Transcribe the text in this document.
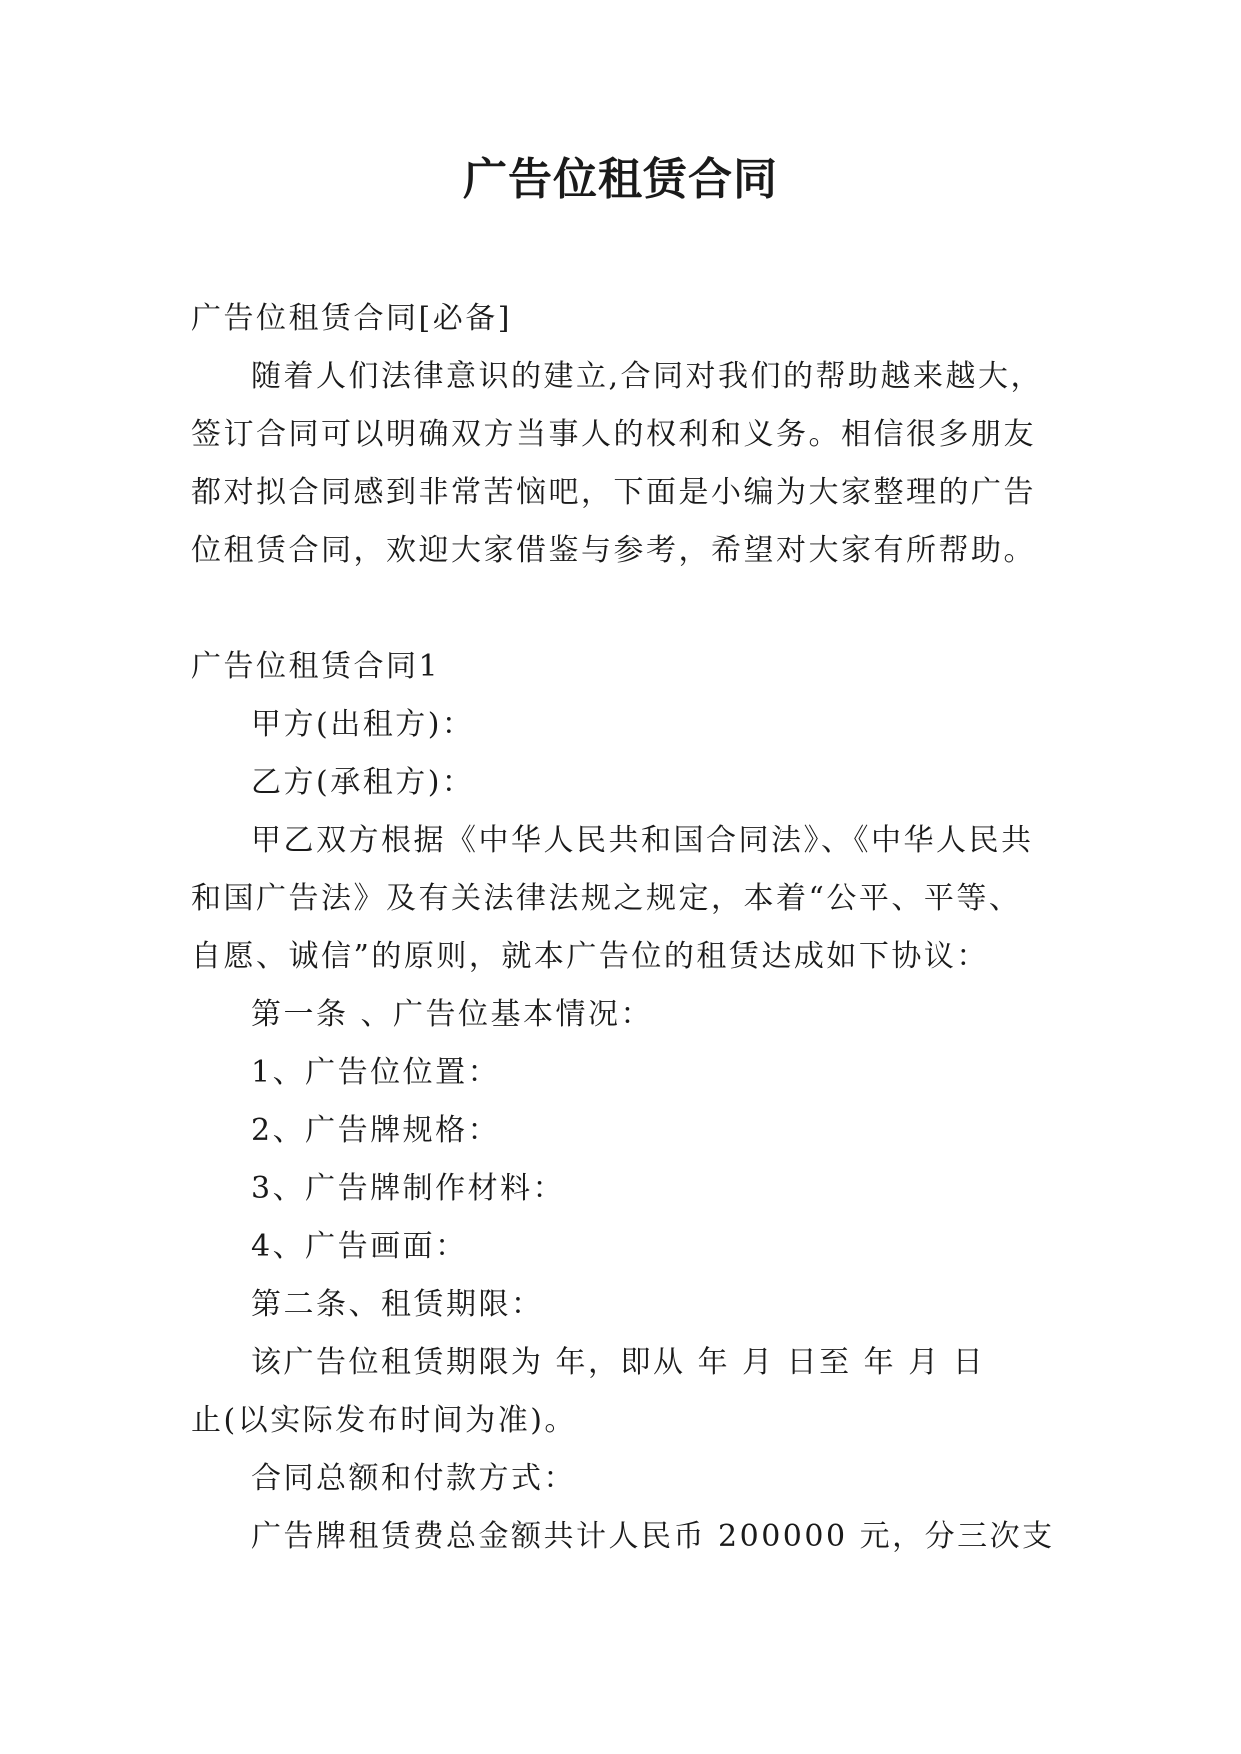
广告位租赁合同

广告位租赁合同[必备]

随着人们法律意识的建立,合同对我们的帮助越来越大，
签订合同可以明确双方当事人的权利和义务。相信很多朋友
都对拟合同感到非常苦恼吧，下面是小编为大家整理的广告
位租赁合同，欢迎大家借鉴与参考，希望对大家有所帮助。

广告位租赁合同1

甲方(出租方)：

乙方(承租方)：

甲乙双方根据《中华人民共和国合同法》、《中华人民共
和国广告法》及有关法律法规之规定，本着“公平、平等、
自愿、诚信”的原则，就本广告位的租赁达成如下协议：

第一条 、广告位基本情况：

1、广告位位置：

2、广告牌规格：

3、广告牌制作材料：

4、广告画面：

第二条、租赁期限：

该广告位租赁期限为 年，即从 年 月 日至 年 月 日
止(以实际发布时间为准)。

合同总额和付款方式：

广告牌租赁费总金额共计人民币 200000 元，分三次支
